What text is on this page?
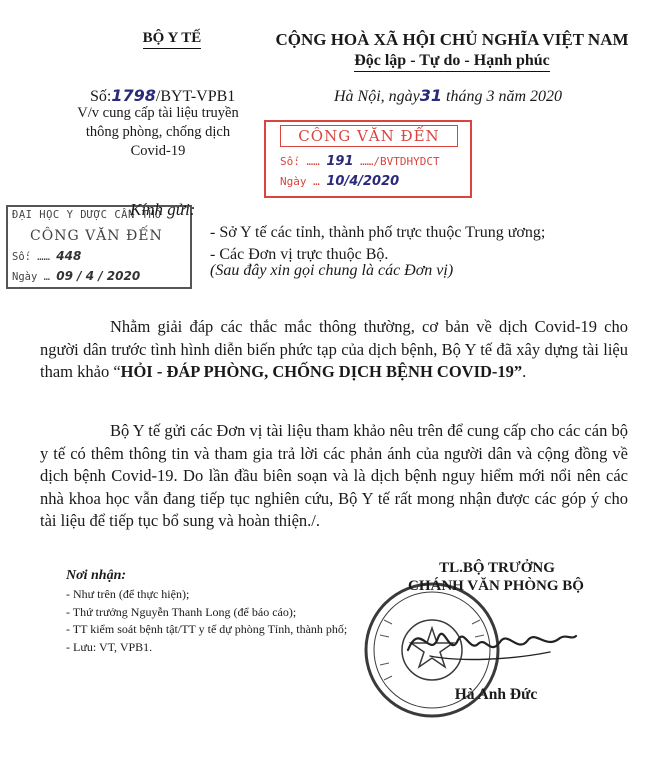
BỘ Y TẾ	CỘNG HOÀ XÃ HỘI CHỦ NGHĨA VIỆT NAM
Độc lập - Tự do - Hạnh phúc
Số:1798/BYT-VPB1
V/v cung cấp tài liệu truyền
thông phòng, chống dịch
Covid-19
Hà Nội, ngày31 tháng 3 năm 2020
CÔNG VĂN ĐẾN
Số: …… 191 ……/BVTDHYDCT
Ngày … 10/4/2020
ĐẠI HỌC Y DƯỢC CẦN THƠ
CÔNG VĂN ĐẾN
Số: …… 448
Ngày … 09 / 4 / 2020
Kính gửi:
- Sở Y tế các tỉnh, thành phố trực thuộc Trung ương;
- Các Đơn vị trực thuộc Bộ.
(Sau đây xin gọi chung là các Đơn vị)
Nhằm giải đáp các thắc mắc thông thường, cơ bản về dịch Covid-19 cho người dân trước tình hình diễn biến phức tạp của dịch bệnh, Bộ Y tế đã xây dựng tài liệu tham khảo “HỎI - ĐÁP PHÒNG, CHỐNG DỊCH BỆNH COVID-19”.
Bộ Y tế gửi các Đơn vị tài liệu tham khảo nêu trên để cung cấp cho các cán bộ y tế có thêm thông tin và tham gia trả lời các phản ánh của người dân và cộng đồng về dịch bệnh Covid-19. Do lần đầu biên soạn và là dịch bệnh nguy hiểm mới nổi nên các nhà khoa học vẫn đang tiếp tục nghiên cứu, Bộ Y tế rất mong nhận được các góp ý cho tài liệu để tiếp tục bổ sung và hoàn thiện./.
Nơi nhận:
- Như trên (để thực hiện);
- Thứ trưởng Nguyễn Thanh Long (để báo cáo);
- TT kiểm soát bệnh tật/TT y tế dự phòng Tỉnh, thành phố;
- Lưu: VT, VPB1.
TL.BỘ TRƯỞNG
CHÁNH VĂN PHÒNG BỘ
Hà Anh Đức
